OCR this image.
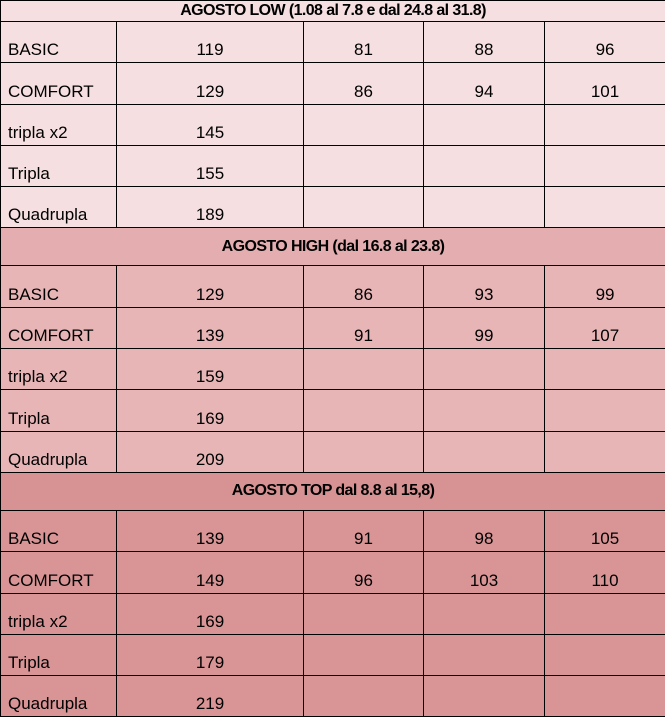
AGOSTO LOW (1.08 al 7.8 e dal 24.8 al 31.8)				
BASIC	119	81	88	96
COMFORT	129	86	94	101
tripla x2	145			
Tripla	155			
Quadrupla	189			
AGOSTO HIGH (dal 16.8 al 23.8)				
BASIC	129	86	93	99
COMFORT	139	91	99	107
tripla x2	159			
Tripla	169			
Quadrupla	209			
AGOSTO TOP dal 8.8 al 15,8)				
BASIC	139	91	98	105
COMFORT	149	96	103	110
tripla x2	169			
Tripla	179			
Quadrupla	219			
